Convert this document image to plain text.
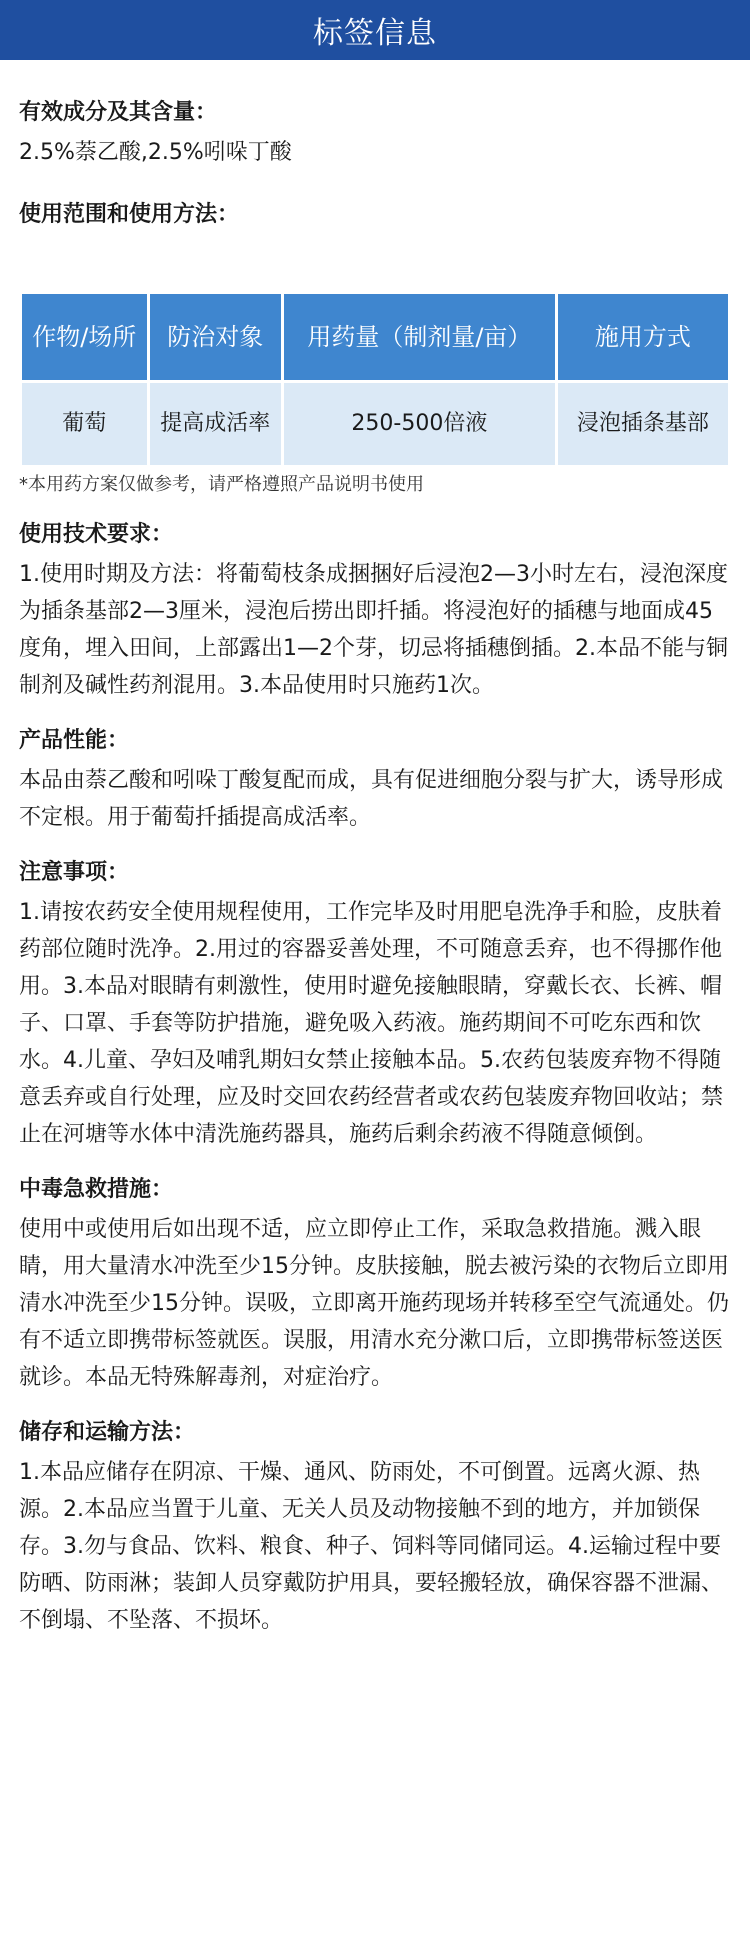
标签信息
有效成分及其含量：
2.5%萘乙酸,2.5%吲哚丁酸
使用范围和使用方法：
作物/场所	防治对象	用药量（制剂量/亩）	施用方式
葡萄	提高成活率	250-500倍液	浸泡插条基部
*本用药方案仅做参考，请严格遵照产品说明书使用
使用技术要求：
1.使用时期及方法：将葡萄枝条成捆捆好后浸泡2—3小时左右，浸泡深度为插条基部2—3厘米，浸泡后捞出即扦插。将浸泡好的插穗与地面成45度角，埋入田间，上部露出1—2个芽，切忌将插穗倒插。2.本品不能与铜制剂及碱性药剂混用。3.本品使用时只施药1次。
产品性能：
本品由萘乙酸和吲哚丁酸复配而成，具有促进细胞分裂与扩大，诱导形成不定根。用于葡萄扦插提高成活率。
注意事项：
1.请按农药安全使用规程使用，工作完毕及时用肥皂洗净手和脸，皮肤着药部位随时洗净。2.用过的容器妥善处理，不可随意丢弃，也不得挪作他用。3.本品对眼睛有刺激性，使用时避免接触眼睛，穿戴长衣、长裤、帽子、口罩、手套等防护措施，避免吸入药液。施药期间不可吃东西和饮水。4.儿童、孕妇及哺乳期妇女禁止接触本品。5.农药包装废弃物不得随意丢弃或自行处理，应及时交回农药经营者或农药包装废弃物回收站；禁止在河塘等水体中清洗施药器具，施药后剩余药液不得随意倾倒。
中毒急救措施：
使用中或使用后如出现不适，应立即停止工作，采取急救措施。溅入眼睛，用大量清水冲洗至少15分钟。皮肤接触，脱去被污染的衣物后立即用清水冲洗至少15分钟。误吸，立即离开施药现场并转移至空气流通处。仍有不适立即携带标签就医。误服，用清水充分漱口后，立即携带标签送医就诊。本品无特殊解毒剂，对症治疗。
储存和运输方法：
1.本品应储存在阴凉、干燥、通风、防雨处，不可倒置。远离火源、热源。2.本品应当置于儿童、无关人员及动物接触不到的地方，并加锁保存。3.勿与食品、饮料、粮食、种子、饲料等同储同运。4.运输过程中要防晒、防雨淋；装卸人员穿戴防护用具，要轻搬轻放，确保容器不泄漏、不倒塌、不坠落、不损坏。
